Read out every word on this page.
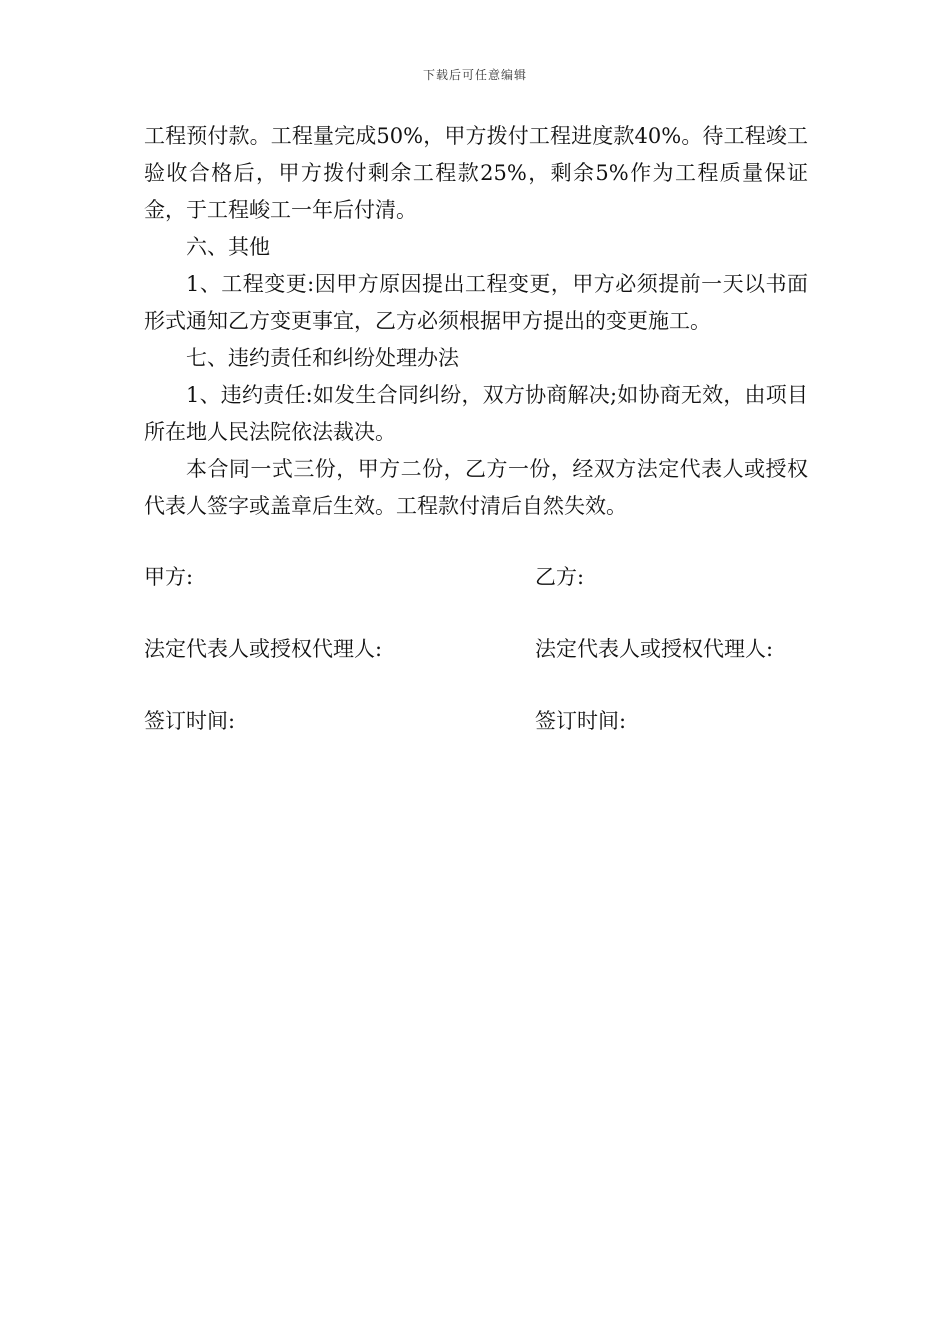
下载后可任意编辑

工程预付款。工程量完成50%，甲方拨付工程进度款40%。待工程竣工验收合格后，甲方拨付剩余工程款25%，剩余5%作为工程质量保证金，于工程峻工一年后付清。

六、其他

1、工程变更:因甲方原因提出工程变更，甲方必须提前一天以书面形式通知乙方变更事宜，乙方必须根据甲方提出的变更施工。

七、违约责任和纠纷处理办法

1、违约责任:如发生合同纠纷，双方协商解决;如协商无效，由项目所在地人民法院依法裁决。

本合同一式三份，甲方二份，乙方一份，经双方法定代表人或授权代表人签字或盖章后生效。工程款付清后自然失效。

甲方:	乙方:
法定代表人或授权代理人:	法定代表人或授权代理人:
签订时间:	签订时间:
